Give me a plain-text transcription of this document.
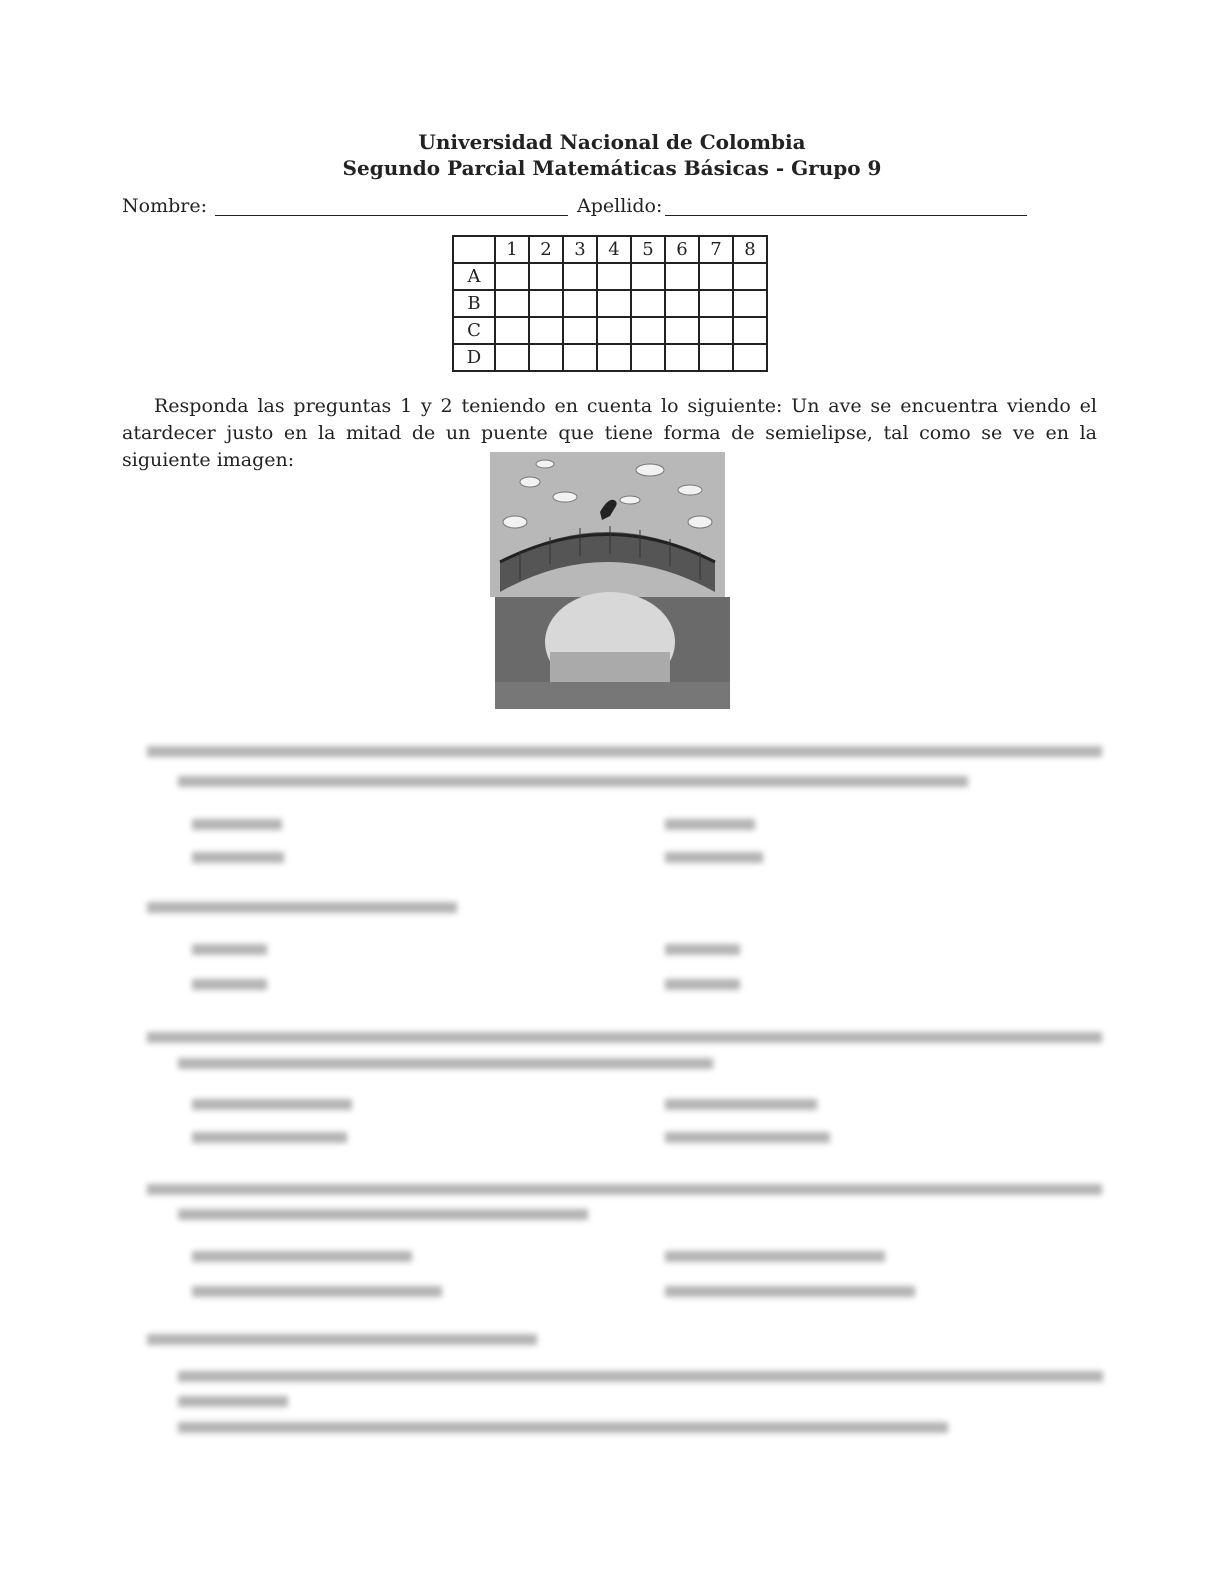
Universidad Nacional de Colombia
Segundo Parcial Matemáticas Básicas - Grupo 9
Nombre:	Apellido:
	1	2	3	4	5	6	7	8
A								
B								
C								
D								
Responda las preguntas 1 y 2 teniendo en cuenta lo siguiente: Un ave se encuentra viendo el atardecer justo en la mitad de un puente que tiene forma de semielipse, tal como se ve en la siguiente imagen:
